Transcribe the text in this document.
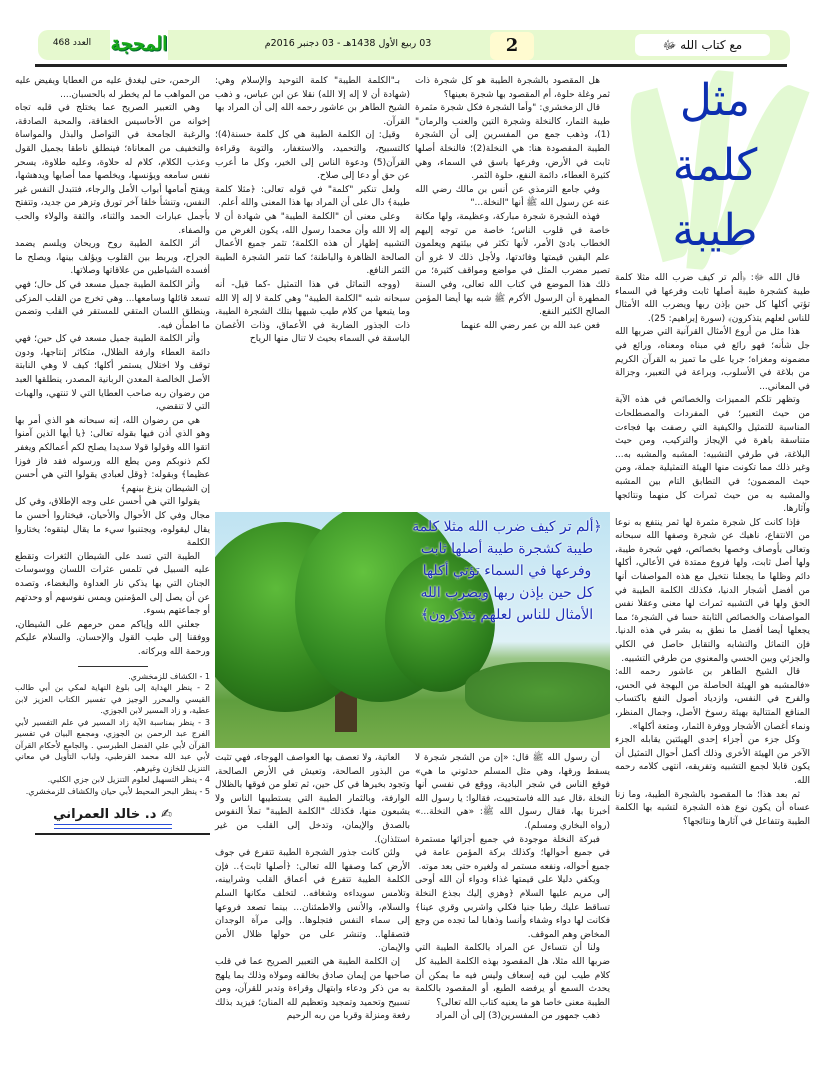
مع كتاب الله ﷻ
2
03 ربيع الأول 1438هـ - 03 دجنبر 2016م
المحجة
العدد 468
مثل
كلمة
طيبة

قال الله ﷻ: ﴿ألم تر كيف ضرب الله مثلا كلمة طيبة كشجرة طيبة أصلها ثابت وفرعها في السماء تؤتي أكلها كل حين بإذن ربها ويضرب الله الأمثال للناس لعلهم يتذكرون﴾ (سورة إبراهيم: 25).

هذا مثل من أروع الأمثال القرآنية التي ضربها الله جل شأنه؛ فهو رائع في مبناه ومعناه، ورائع في مضمونه ومغزاه؛ جريا على ما تميز به القرآن الكريم من بلاغة في الأسلوب، وبراعة في التعبير، وجزالة في المعاني...

وتظهر تلكم المميزات والخصائص في هذه الآية من حيث التعبير؛ في المفردات والمصطلحات المناسبة للتمثيل والكيفية التي رصفت بها فجاءت متناسقة باهرة في الإيجاز والتركيب، ومن حيث البلاغة، في طرفي التشبيه: المشبه والمشبه به... وغير ذلك مما تكونت منها الهيئة التمثيلية جملة، ومن حيث المضمون؛ في التطابق التام بين المشبه والمشبه به من حيث ثمرات كل منهما ونتائجها وآثارها.

فإذا كانت كل شجرة مثمرة لها ثمر ينتفع به نوعا من الانتفاع، ناهيك عن شجرة وصفها الله سبحانه وتعالى بأوصاف وخصها بخصائص، فهي شجرة طيبة، ولها أصل ثابت، ولها فروع ممتدة في الأعالي، أكلها دائم وظلها ما يجعلنا نتخيل مع هذه المواصفات أنها من أفضل أشجار الدنيا، فكذلك الكلمة الطيبة في الحق ولها في التشبيه ثمرات لها معنى وعقلا نفس المواصفات والخصائص الثابتة حسا في الشجرة؛ مما يجعلها أيضا أفضل ما نطق به بشر في هذه الدنيا. فإن التماثل والتشابه والتقابل حاصل في الكلي والجزئي وبين الحسي والمعنوي من طرفي التشبيه.

قال الشيخ الطاهر بن عاشور رحمه الله: «فالمشبه هو الهيئة الحاصلة من البهجة في الحس، والفرح في النفس، وازدياد أصول النفع باكتساب المنافع المتتالية بهيئة رسوخ الأصل، وجمال المنظر، ونماء أغصان الأشجار ووفرة الثمار، ومتعة أكلها».

وكل جزء من أجزاء إحدى الهيئتين يقابله الجزء الآخر من الهيئة الأخرى وذلك أكمل أحوال التمثيل أن يكون قابلا لجمع التشبيه وتفريقه، انتهى كلامه رحمه الله.

ثم بعد هذا؛ ما المقصود بالشجرة الطيبة، وما زنا عساه أن يكون نوع هذه الشجرة لتشبه بها الكلمة الطيبة وتتفاعل في آثارها ونتائجها؟

هل المقصود بالشجرة الطيبة هو كل شجرة ذات ثمر وغلة حلوة، أم المقصود بها شجرة بعينها؟

قال الزمخشري: "وأما الشجرة فكل شجرة مثمرة طيبة الثمار، كالنخلة وشجرة التين والعنب والرمان" (1)، وذهب جمع من المفسرين إلى أن الشجرة الطيبة المقصودة هنا: هي النخلة(2)؛ فالنخلة أصلها ثابت في الأرض، وفرعها باسق في السماء، وهي كثيرة العطاء، دائمة النفع، حلوة الثمر.

وفي جامع الترمذي عن أنس بن مالك رضي الله عنه عن رسول الله ﷺ أنها "النخلة..."

فهذه الشجرة شجرة مباركة، وعظيمة، ولها مكانة خاصة في قلوب الناس؛ خاصة من توجه إليهم الخطاب بادئ الأمر، لأنها تكثر في بيئتهم ويعلمون علم اليقين قيمتها وفائدتها، ولأجل ذلك لا غرو أن تصير مضرب المثل في مواضع ومواقف كثيرة؛ من ذلك هذا الموضع في كتاب الله تعالى، وفي السنة المطهرة أن الرسول الأكرم ﷺ شبه بها أيضا المؤمن الصالح الكثير النفع.

فعن عبد الله بن عمر رضي الله عنهما

بـ"الكلمة الطيبة" كلمة التوحيد والإسلام وهي: (شهادة أن لا إله إلا الله) نقلا عن ابن عباس، و ذهب الشيخ الطاهر بن عاشور رحمه الله إلى أن المراد بها القرآن.

وقيل: إن الكلمة الطيبة هي كل كلمة حسنة(4)؛ كالتسبيح، والتحميد، والاستغفار، والتوبة وقراءة القرآن(5) ودعوة الناس إلى الخير، وكل ما أعرب عن حق أو دعا إلى صلاح.

ولعل تنكير "كلمة" في قوله تعالى: ﴿مثلا كلمة طيبة﴾ دال على أن المراد بها هذا المعنى والله أعلم.

وعلى معنى أن "الكلمة الطيبة" هي شهادة أن لا إله إلا الله وأن محمدا رسول الله، يكون الغرض من التشبيه إظهار أن هذه الكلمة؛ تثمر جميع الأعمال الصالحة الظاهرة والباطنة؛ كما تثمر الشجرة الطيبة الثمر النافع.

(ووجه التماثل في هذا التمثيل -كما قيل- أنه سبحانه شبه "الكلمة الطيبة" وهي كلمة لا إله إلا الله وما يتبعها من كلام طيب شبهها بتلك الشجرة الطيبة، ذات الجذور الضاربة في الأعماق، وذات الأغصان الباسقة في السماء بحيث لا تنال منها الرياح

الرحمن، حتى ليغدق عليه من العطايا ويفيض عليه من المواهب ما لم يخطر له بالحسبان....

وهي التعبير الصريح عما يختلج في قلبه تجاه إخوانه من الأحاسيس الخفاقة، والمحبة الصادقة، والرغبة الجامحة في التواصل والبذل والمواساة والتخفيف من المعاناة؛ فينطلق ناطقا بجميل القول وعذب الكلام، كلام له حلاوة، وعليه طلاوة، يسحر نفس سامعه ويؤنسها، ويخلصها مما أصابها ويدهشها، ويفتح أمامها أبواب الأمل والرجاء، فتتبدل النفس غير النفس، وتنشأ خلقا آخر تورق وتزهر من جديد، وتتفتح بأجمل عبارات الحمد والثناء، والثقة والولاء والحب والصفاء.

أثر الكلمة الطيبة روح وريحان ويلسم يضمد الجراح، ويربط بين القلوب ويؤلف بينها، ويصلح ما أفسده الشياطين من علاقاتها وصلاتها.

وأثر الكلمة الطيبة جميل مسعد في كل حال؛ فهي تسعد قائلها وسامعها... وهي تخرج من القلب المزكى وينطلق اللسان المتقي للمستقر في القلب وتضمن ما اطمأن فيه.

وأثر الكلمة الطيبة جميل مسعد في كل حين؛ فهي دائمة العطاء وارفة الظلال، متكاثر إنتاجها، ودون توقف ولا اختلال يستمر أكلها؛ كيف لا وهي النابتة الأصل الخالصة المعدن الربانية المصدر، ينطلقها العبد من رضوان ربه صاحب العطايا التي لا تنتهي، والهبات التي لا تنقضي،

هي من رضوان الله، إنه سبحانه هو الذي أمر بها وهو الذي أذن فيها بقوله تعالى: ﴿يا أيها الذين آمنوا اتقوا الله وقولوا قولا سديدا يصلح لكم أعمالكم ويغفر لكم ذنوبكم ومن يطع الله ورسوله فقد فاز فوزا عظيما﴾ وبقوله: ﴿وقل لعبادي يقولوا التي هي أحسن إن الشيطان ينزغ بينهم﴾

يقولوا التي هي أحسن على وجه الإطلاق، وفي كل مجال وفي كل الأحوال والأحيان، فيختاروا أحسن ما يقال ليقولوه، ويجتنبوا سيء ما يقال ليتقوه؛ يختاروا الكلمة

الطيبة التي تسد على الشيطان الثغرات وتقطع عليه السبيل في تلمس عثرات اللسان ووسوسات الجنان التي بها يذكي نار العداوة والبغضاء، وتصده عن أن يصل إلى المؤمنين ويمس نفوسهم أو وحدتهم أو جماعتهم بسوء.

جعلني الله وإياكم ممن حرمهم على الشيطان، ووفقنا إلى طيب القول والإحسان. والسلام عليكم ورحمة الله وبركاته.

1 - الكشاف للزمخشري.

2 - ينظر الهداية إلى بلوغ النهاية لمكي بن أبي طالب القيسي والمحرر الوجيز في تفسير الكتاب العزيز لابن عطية، و زاد المسير لابن الجوزي.

3 - ينظر بمناسبة الآية زاد المسير في علم التفسير لأبي الفرج عبد الرحمن بن الجوزي، ومجمع البيان في تفسير القرآن لأبي علي الفضل الطبرسي . والجامع لأحكام القرآن لأبي عبد الله محمد القرطبي، ولباب التأويل في معاني التنزيل للخازن وغيرهم.

4 - ينظر التسهيل لعلوم التنزيل لابن جزي الكلبي.

5 - ينظر البحر المحيط لأبي حيان والكشاف للزمخشري.

✍ د. خالد العمراني
﴿ألم تر كيف ضرب الله مثلا كلمة طيبة كشجرة طيبة أصلها ثابت وفرعها في السماء تؤتي أكلها كل حين بإذن ربها ويضرب الله الأمثال للناس لعلهم يتذكرون﴾

أن رسول الله ﷺ قال: «إن من الشجر شجرة لا يسقط ورقها، وهي مثل المسلم حدثوني ما هي» فوقع الناس في شجر البادية، ووقع في نفسي أنها النخلة ،قال عبد الله فاستحييت، فقالوا: يا رسول الله أخبرنا بها، فقال رسول الله ﷺ: «هي النخلة...» (رواه البخاري ومسلم).

فبركة النخلة موجودة في جميع أجزائها مستمرة في جميع أحوالها؛ وكذلك بركة المؤمن عامة في جميع أحواله، ونفعه مستمر له ولغيره حتى بعد موته.

ويكفي دليلا على قيمتها غذاء ودواء أن الله أوحى إلى مريم عليها السلام ﴿وهزي إليك بجذع النخلة تساقط عليك رطبا جنيا فكلي واشربي وقري عينا﴾ فكانت لها دواء وشفاء وأنسا وذهابا لما تجده من وجع المخاض وهم الموقف.

ولنا أن نتساءل عن المراد بالكلمة الطيبة التي ضربها الله مثلا، هل المقصود بهذه الكلمة الطيبة كل كلام طيب لين فيه إسعاف وليس فيه ما يمكن أن يحدث السمع أو يرفضه الطبع، أو المقصود بالكلمة الطيبة معنى خاصا هو ما يعنيه كتاب الله تعالى؟

ذهب جمهور من المفسرين(3) إلى أن المراد

العاتية، ولا تعصف بها العواصف الهوجاء، فهي تثبت من البذور الصالحة، وتعيش في الأرض الصالحة، وتجود بخيرها في كل حين، ثم تعلو من فوقها بالظلال الوارفة، وبالثمار الطيبة التي يستطيبها الناس ولا يشبعون منها، فكذلك "الكلمة الطيبة" تملأ النفوس بالصدق والإيمان، وتدخل إلى القلب من غير استئذان).

ولئن كانت جذور الشجرة الطيبة تتفرع في جوف الأرض كما وصفها الله تعالى: ﴿أصلها ثابت﴾.. فإن الكلمة الطيبة تتفرع في أعماق القلب وشرايينه، وتلامس سويداءه وشغافه.. لتخلف مكانها السلم والسلام، والأنس والاطمئنان... بينما تصعد فروعها إلى سماء النفس فتجلوها.. وإلى مرآة الوجدان فتصقلها.. وتنشر على من حولها ظلال الأمن والإيمان.

إن الكلمة الطيبة هي التعبير الصريح عما في قلب صاحبها من إيمان صادق بخالقه ومولاه وذلك بما يلهج به من ذكر ودعاء وابتهال وقراءة وتدبر للقرآن، ومن تسبيح وتحميد وتمجيد وتعظيم لله المنان؛ فيزيد بذلك رفعة ومنزلة وقربا من ربه الرحيم
